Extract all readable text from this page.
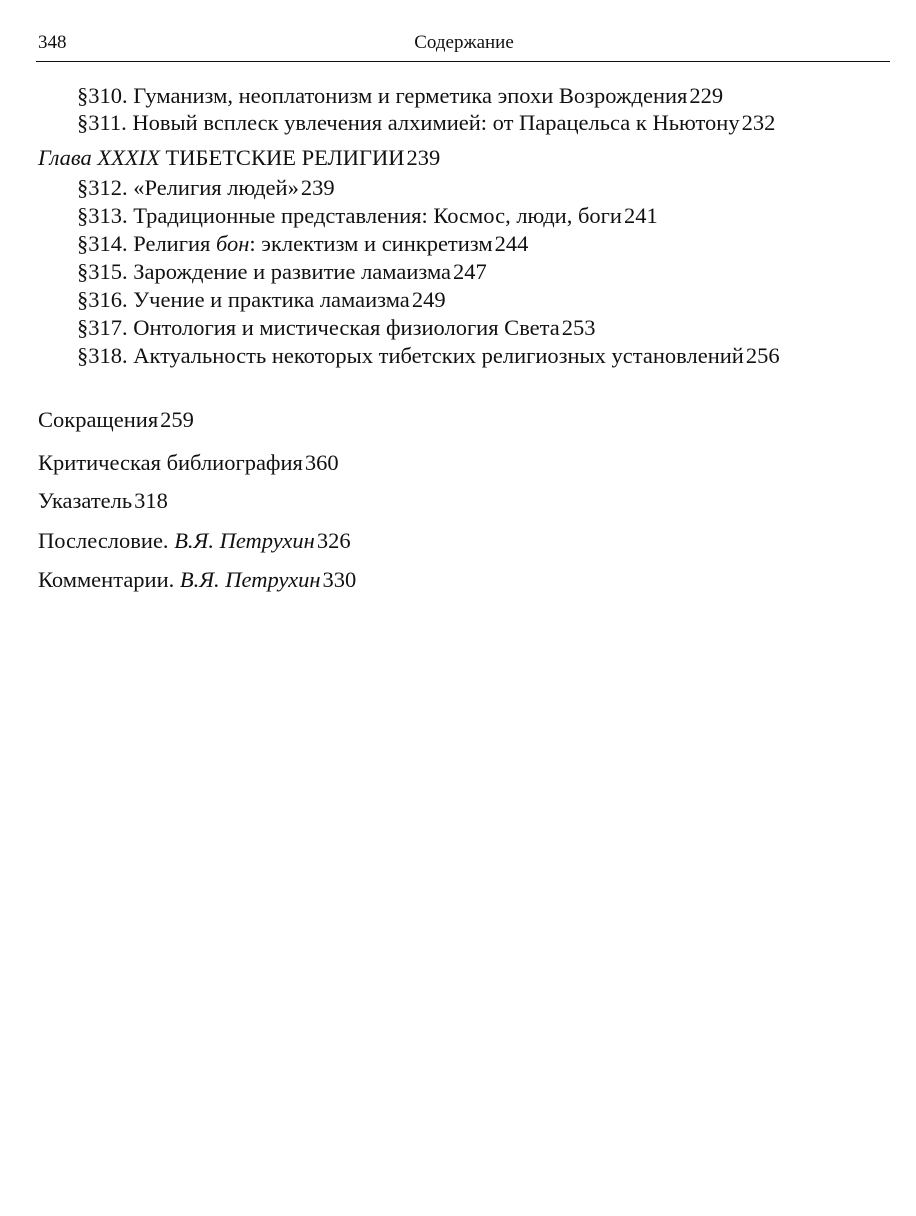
348	Содержание
§310. Гуманизм, неоплатонизм и герметика эпохи Возрождения 229
§311. Новый всплеск увлечения алхимией: от Парацельса к Ньютону 232
Глава XXXIX ТИБЕТСКИЕ РЕЛИГИИ 239
§312. «Религия людей» 239
§313. Традиционные представления: Космос, люди, боги 241
§314. Религия бон: эклектизм и синкретизм 244
§315. Зарождение и развитие ламаизма 247
§316. Учение и практика ламаизма 249
§317. Онтология и мистическая физиология Света 253
§318. Актуальность некоторых тибетских религиозных установлений 256
Сокращения 259
Критическая библиография 360
Указатель 318
Послесловие. В.Я. Петрухин 326
Комментарии. В.Я. Петрухин 330
